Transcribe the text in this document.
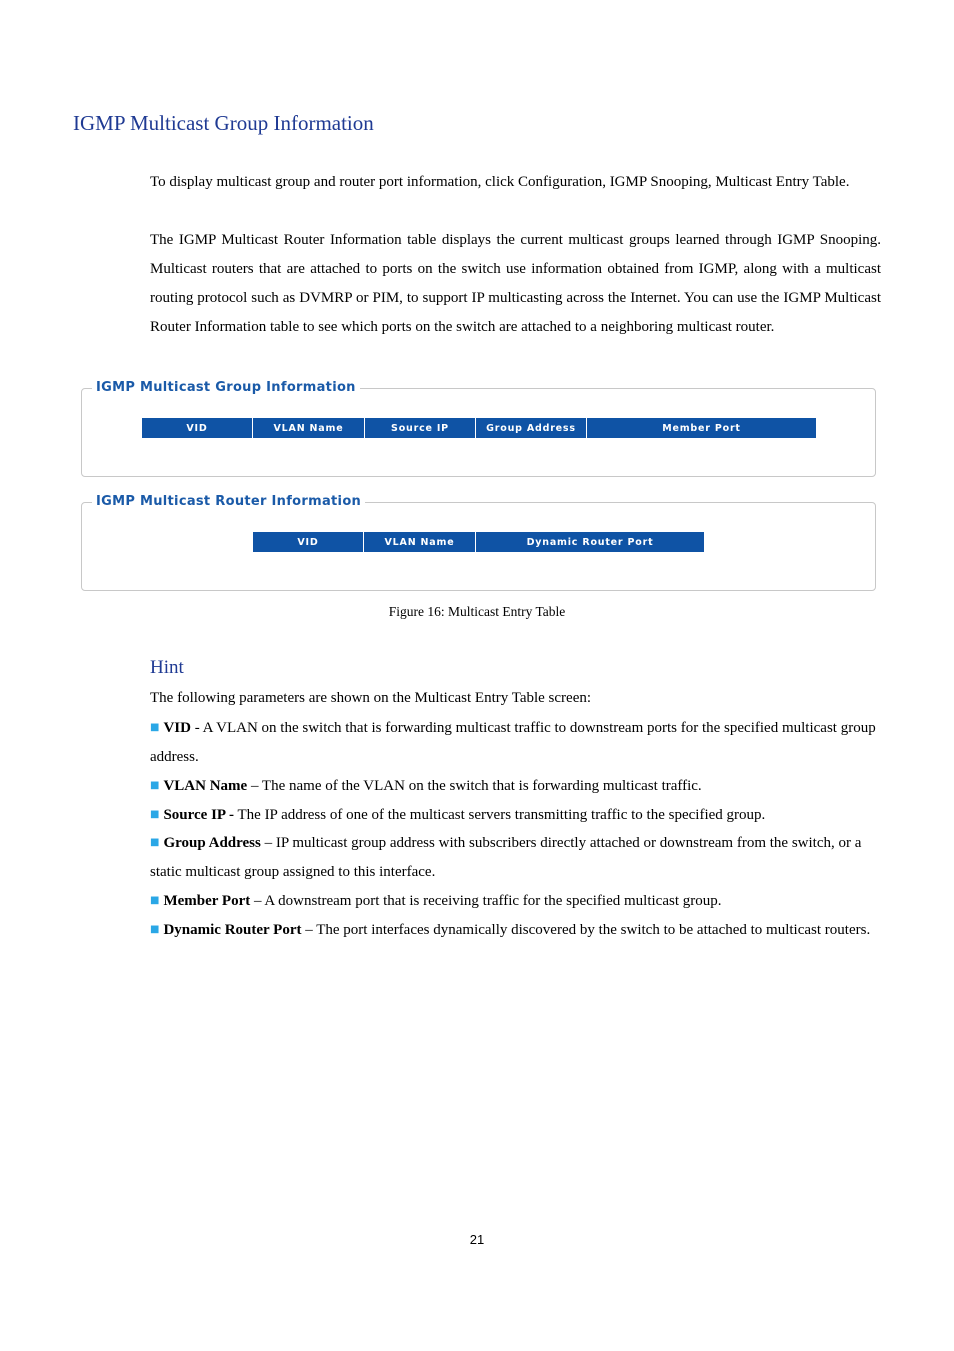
IGMP Multicast Group Information

To display multicast group and router port information, click Configuration, IGMP Snooping, Multicast Entry Table.

The IGMP Multicast Router Information table displays the current multicast groups learned through IGMP Snooping. Multicast routers that are attached to ports on the switch use information obtained from IGMP, along with a multicast routing protocol such as DVMRP or PIM, to support IP multicasting across the Internet. You can use the IGMP Multicast Router Information table to see which ports on the switch are attached to a neighboring multicast router.

IGMP Multicast Group Information
VID	VLAN Name	Source IP	Group Address	Member Port
IGMP Multicast Router Information
VID	VLAN Name	Dynamic Router Port
Figure 16: Multicast Entry Table
Hint
The following parameters are shown on the Multicast Entry Table screen:

■ VID - A VLAN on the switch that is forwarding multicast traffic to downstream ports for the specified multicast group address.

■ VLAN Name – The name of the VLAN on the switch that is forwarding multicast traffic.

■ Source IP - The IP address of one of the multicast servers transmitting traffic to the specified group.

■ Group Address – IP multicast group address with subscribers directly attached or downstream from the switch, or a static multicast group assigned to this interface.

■ Member Port – A downstream port that is receiving traffic for the specified multicast group.

■ Dynamic Router Port – The port interfaces dynamically discovered by the switch to be attached to multicast routers.

21
